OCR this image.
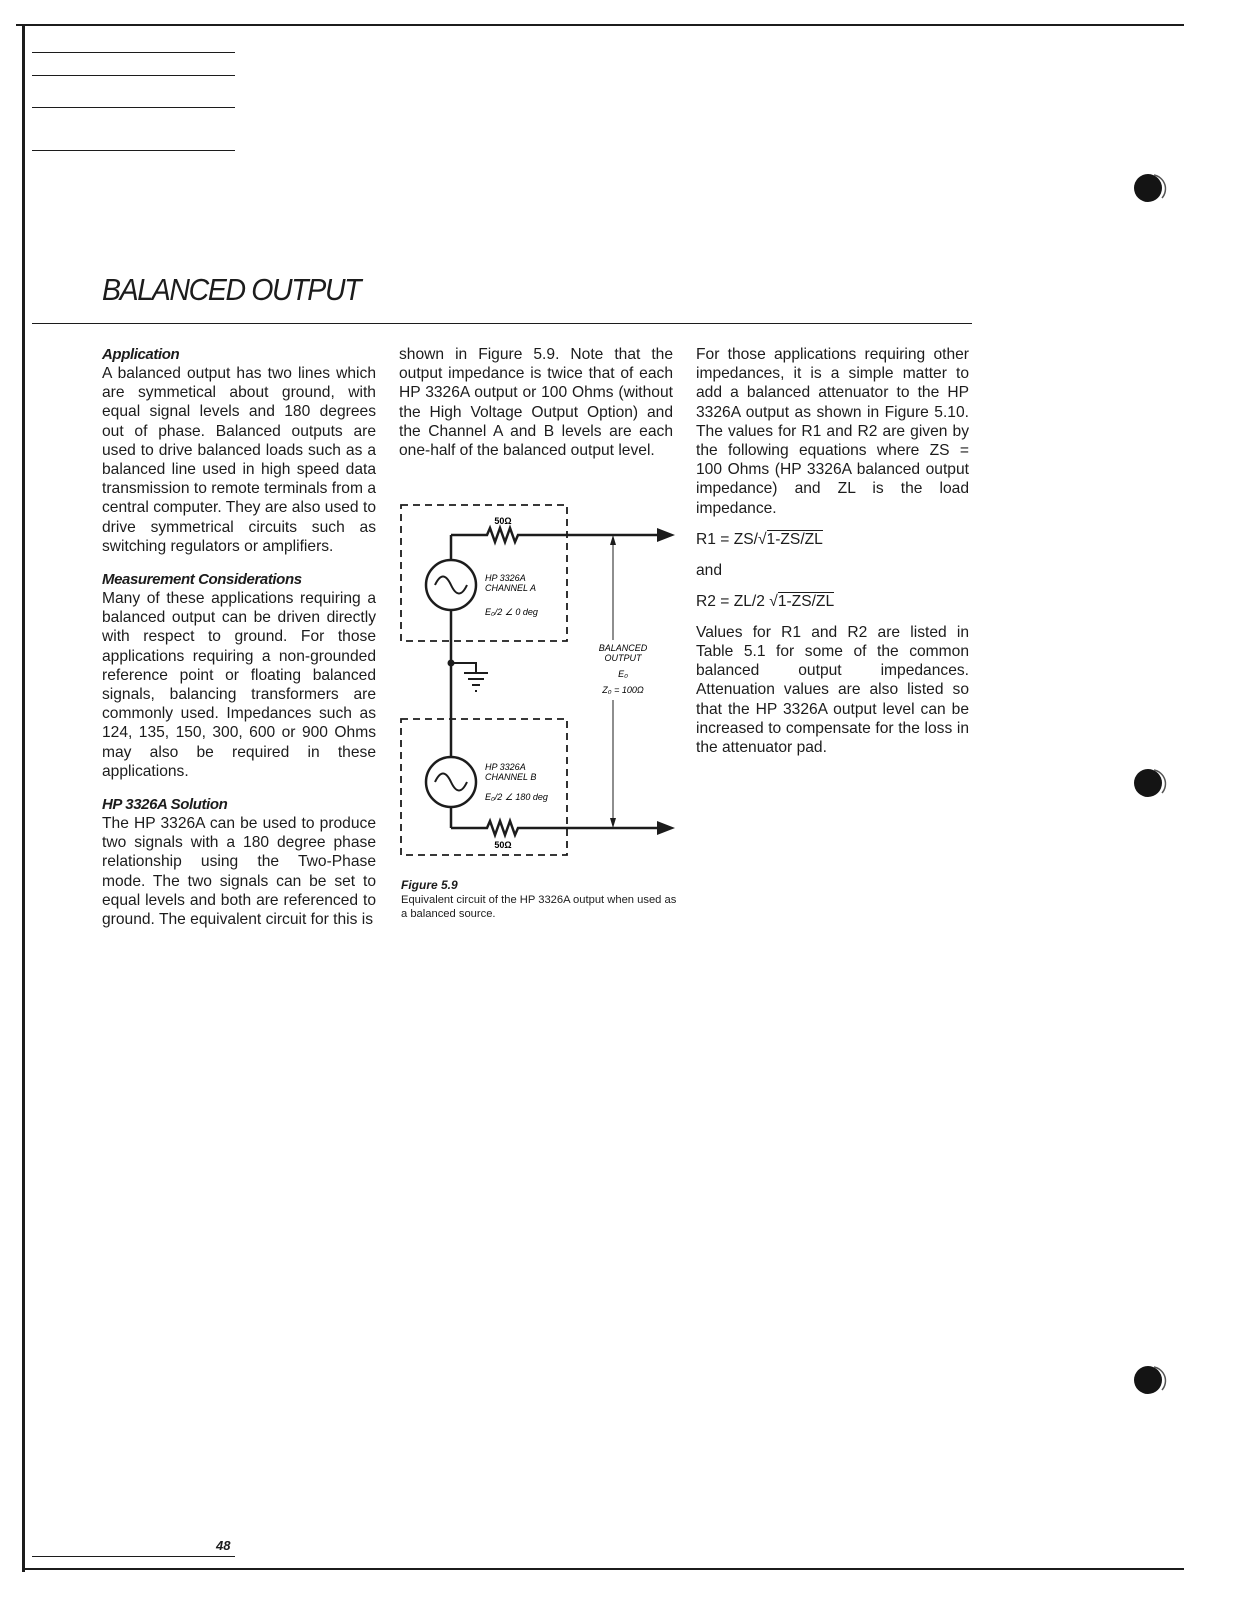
BALANCED OUTPUT
Application

A balanced output has two lines which are symmetical about ground, with equal signal levels and 180 degrees out of phase. Balanced outputs are used to drive balanced loads such as a balanced line used in high speed data transmission to remote terminals from a central computer. They are also used to drive symmetrical circuits such as switching regulators or amplifiers.

Measurement Considerations

Many of these applications requiring a balanced output can be driven directly with respect to ground. For those applications requiring a non-grounded reference point or floating balanced signals, balancing transformers are commonly used. Impedances such as 124, 135, 150, 300, 600 or 900 Ohms may also be required in these applications.

HP 3326A Solution

The HP 3326A can be used to produce two signals with a 180 degree phase relationship using the Two-Phase mode. The two signals can be set to equal levels and both are referenced to ground. The equivalent circuit for this is

shown in Figure 5.9. Note that the output impedance is twice that of each HP 3326A output or 100 Ohms (without the High Voltage Output Option) and the Channel A and B levels are each one-half of the balanced output level.

50Ω
50Ω
HP 3326A
CHANNEL A
E₀/2 ∠ 0 deg
HP 3326A
CHANNEL B
E₀/2 ∠ 180 deg
BALANCED
OUTPUT
E₀
Z₀ = 100Ω

Figure 5.9

Equivalent circuit of the HP 3326A output when used as a balanced source.

For those applications requiring other impedances, it is a simple matter to add a balanced attenuator to the HP 3326A output as shown in Figure 5.10. The values for R1 and R2 are given by the following equations where ZS = 100 Ohms (HP 3326A balanced output impedance) and ZL is the load impedance.

R1 = ZS/√1-ZS/ZL

and

R2 = ZL/2 √1-ZS/ZL

Values for R1 and R2 are listed in Table 5.1 for some of the common balanced output impedances. Attenuation values are also listed so that the HP 3326A output level can be increased to compensate for the loss in the attenuator pad.

48
